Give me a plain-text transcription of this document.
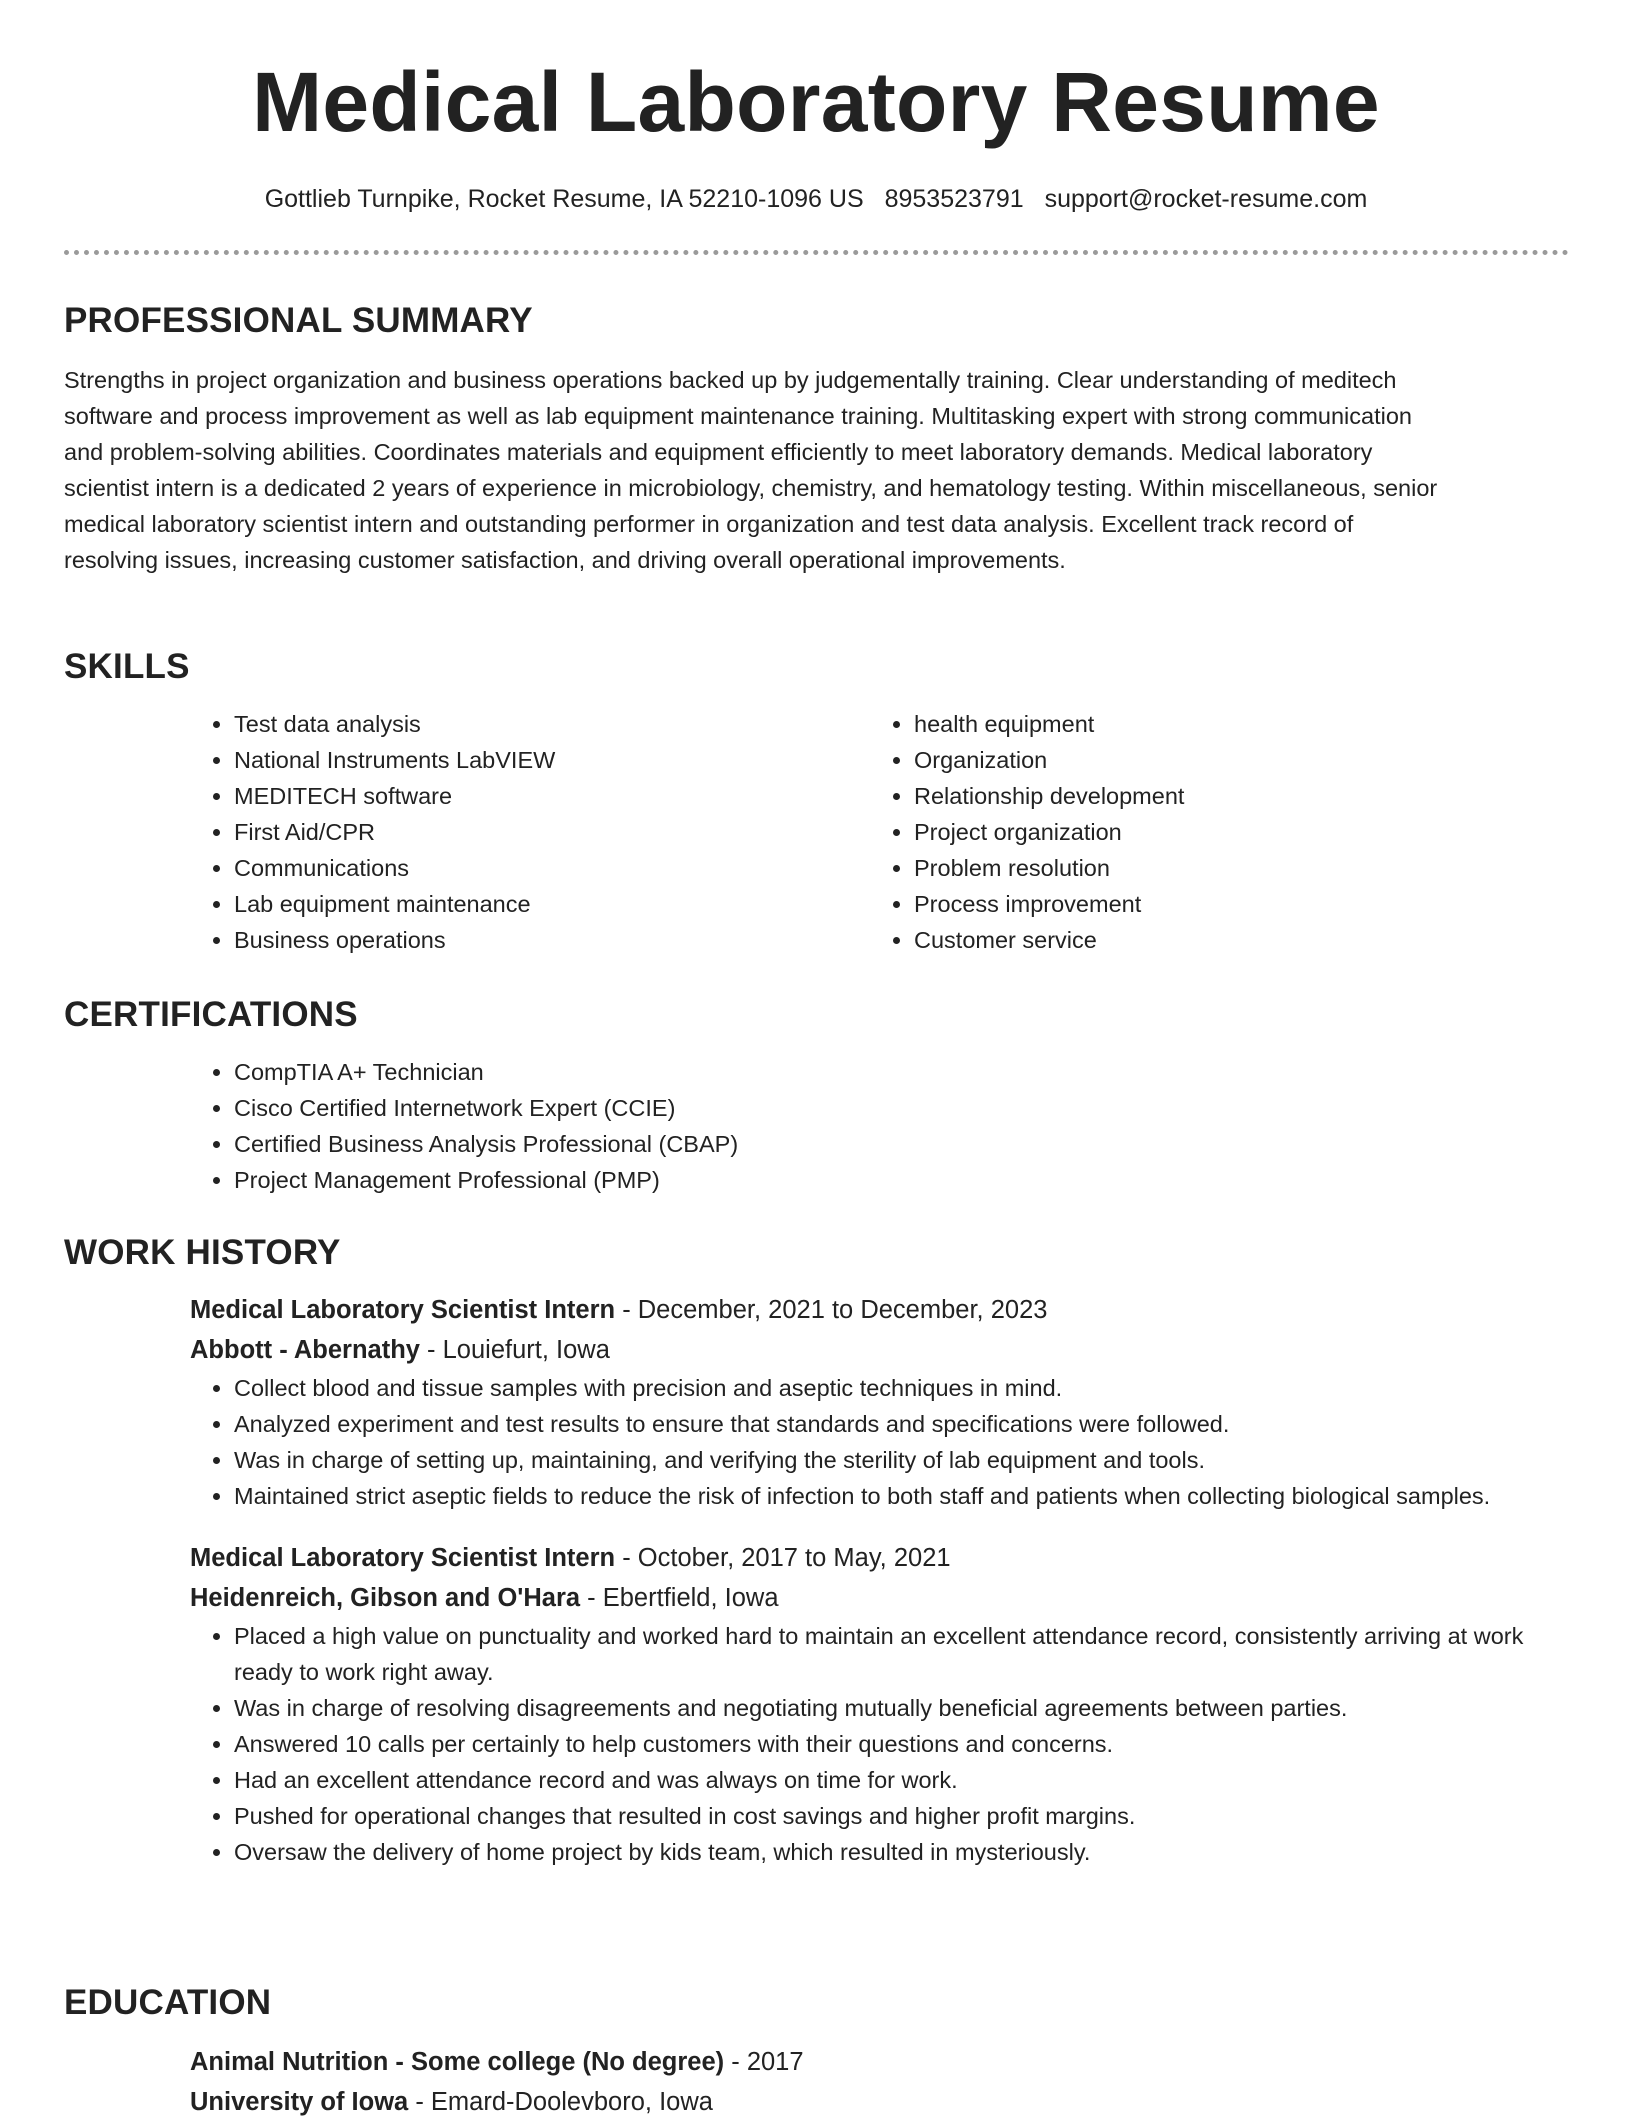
Medical Laboratory Resume
Gottlieb Turnpike, Rocket Resume, IA 52210-1096 US 8953523791 support@rocket-resume.com
PROFESSIONAL SUMMARY
Strengths in project organization and business operations backed up by judgementally training. Clear understanding of meditech software and process improvement as well as lab equipment maintenance training. Multitasking expert with strong communication and problem-solving abilities. Coordinates materials and equipment efficiently to meet laboratory demands. Medical laboratory scientist intern is a dedicated 2 years of experience in microbiology, chemistry, and hematology testing. Within miscellaneous, senior medical laboratory scientist intern and outstanding performer in organization and test data analysis. Excellent track record of resolving issues, increasing customer satisfaction, and driving overall operational improvements.
SKILLS
• Test data analysis
• National Instruments LabVIEW
• MEDITECH software
• First Aid/CPR
• Communications
• Lab equipment maintenance
• Business operations
• health equipment
• Organization
• Relationship development
• Project organization
• Problem resolution
• Process improvement
• Customer service
CERTIFICATIONS
• CompTIA A+ Technician
• Cisco Certified Internetwork Expert (CCIE)
• Certified Business Analysis Professional (CBAP)
• Project Management Professional (PMP)
WORK HISTORY
Medical Laboratory Scientist Intern - December, 2021 to December, 2023
Abbott - Abernathy - Louiefurt, Iowa
• Collect blood and tissue samples with precision and aseptic techniques in mind.
• Analyzed experiment and test results to ensure that standards and specifications were followed.
• Was in charge of setting up, maintaining, and verifying the sterility of lab equipment and tools.
• Maintained strict aseptic fields to reduce the risk of infection to both staff and patients when collecting biological samples.
Medical Laboratory Scientist Intern - October, 2017 to May, 2021
Heidenreich, Gibson and O'Hara - Ebertfield, Iowa
• Placed a high value on punctuality and worked hard to maintain an excellent attendance record, consistently arriving at work ready to work right away.
• Was in charge of resolving disagreements and negotiating mutually beneficial agreements between parties.
• Answered 10 calls per certainly to help customers with their questions and concerns.
• Had an excellent attendance record and was always on time for work.
• Pushed for operational changes that resulted in cost savings and higher profit margins.
• Oversaw the delivery of home project by kids team, which resulted in mysteriously.
EDUCATION
Animal Nutrition - Some college (No degree) - 2017
University of Iowa - Emard-Doolevboro, Iowa
